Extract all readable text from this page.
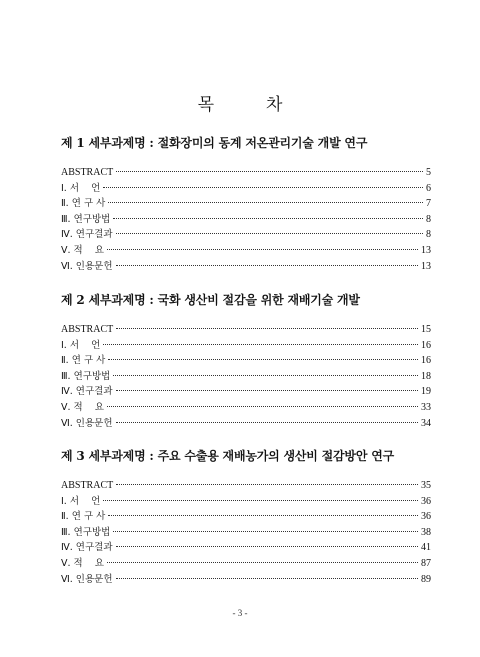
목	차
제 1 세부과제명 : 절화장미의 동계 저온관리기술 개발 연구
ABSTRACT	5
Ⅰ. 서    언	6
Ⅱ. 연 구 사	7
Ⅲ. 연구방법	8
Ⅳ. 연구결과	8
Ⅴ. 적    요	13
Ⅵ. 인용문헌	13
제 2 세부과제명 : 국화 생산비 절감을 위한 재배기술 개발
ABSTRACT	15
Ⅰ. 서    언	16
Ⅱ. 연 구 사	16
Ⅲ. 연구방법	18
Ⅳ. 연구결과	19
Ⅴ. 적    요	33
Ⅵ. 인용문헌	34
제 3 세부과제명 : 주요 수출용 재배농가의 생산비 절감방안 연구
ABSTRACT	35
Ⅰ. 서    언	36
Ⅱ. 연 구 사	36
Ⅲ. 연구방법	38
Ⅳ. 연구결과	41
Ⅴ. 적    요	87
Ⅵ. 인용문헌	89
- 3 -
